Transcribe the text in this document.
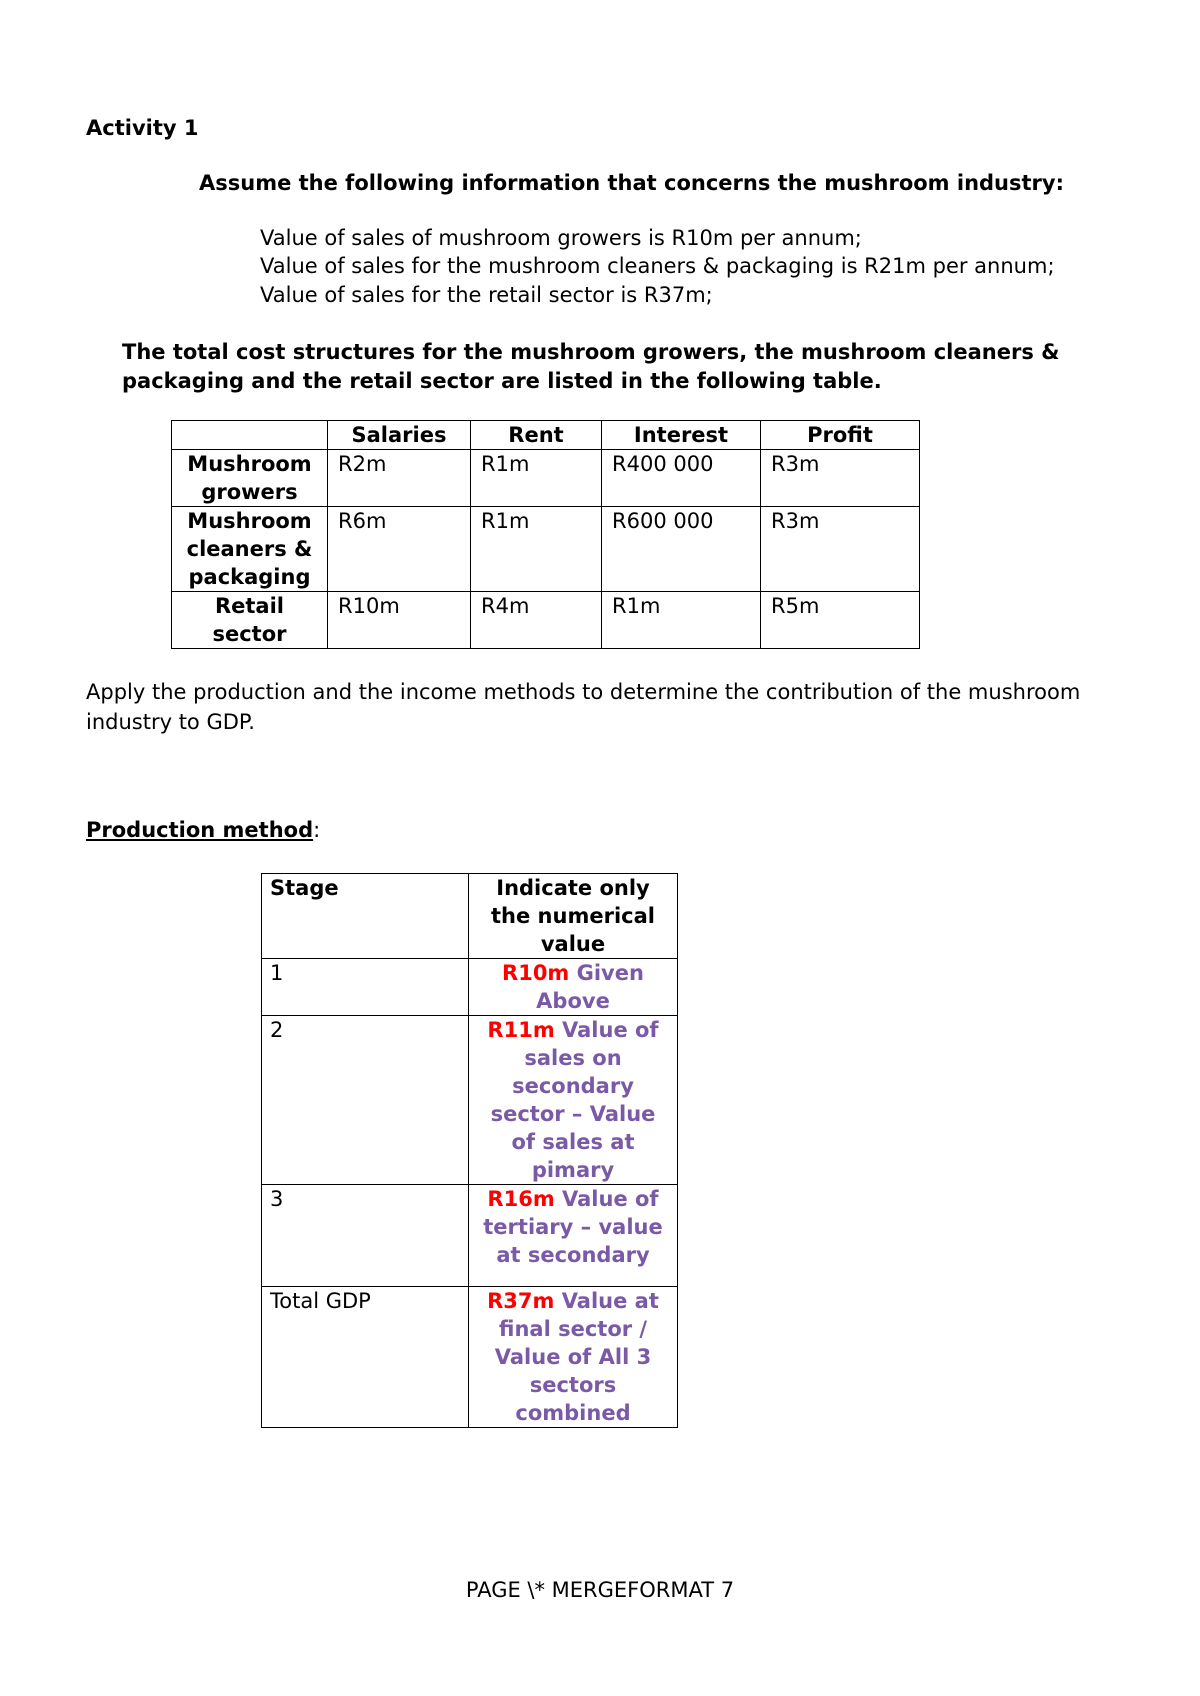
Activity 1
Assume the following information that concerns the mushroom industry:
Value of sales of mushroom growers is R10m per annum;
Value of sales for the mushroom cleaners & packaging is R21m per annum;
Value of sales for the retail sector is R37m;
The total cost structures for the mushroom growers, the mushroom cleaners & packaging and the retail sector are listed in the following table.
	Salaries	Rent	Interest	Profit
Mushroom growers	R2m	R1m	R400 000	R3m
Mushroom cleaners & packaging	R6m	R1m	R600 000	R3m
Retail sector	R10m	R4m	R1m	R5m
Apply the production and the income methods to determine the contribution of the mushroom industry to GDP.
Production method:
Stage	Indicate only the numerical value
1	R10m Given Above
2	R11m Value of sales on secondary sector – Value of sales at pimary
3	R16m Value of tertiary – value at secondary
Total GDP	R37m Value at final sector / Value of All 3 sectors combined
PAGE \* MERGEFORMAT 7
